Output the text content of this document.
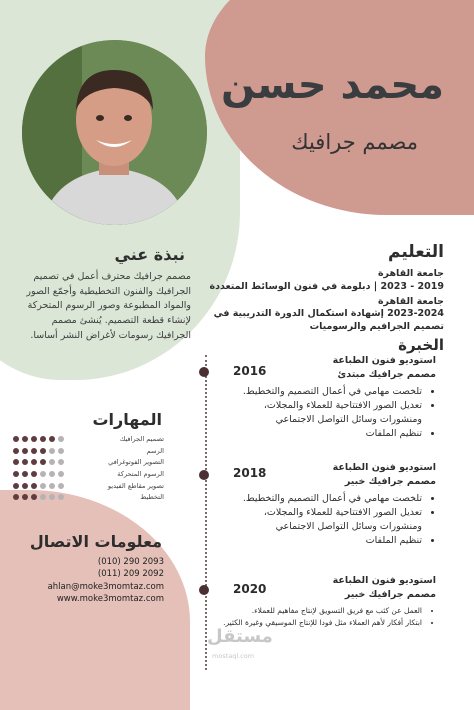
محمد حسن
مصمم جرافيك
نبذة عني
مصمم جرافيك محترف أعمل في تصميم الجرافيك والفنون التخطيطية وأجمّع الصور والمواد المطبوعة وصور الرسوم المتحركة لإنشاء قطعة التصميم. يُنشئ مصمم الجرافيك رسومات لأغراض النشر أساسا.
المهارات
تصميم الجرافيك
الرسم
التصوير الفوتوغرافي
الرسوم المتحركة
تصوير مقاطع الفيديو
التخطيط
معلومات الاتصال
(010) 290 2093
(011) 209 2092
ahlan@moke3momtaz.com
www.moke3momtaz.com
التعليم
جامعة القاهرة
2019 - 2023 | دبلومة في فنون الوسائط المتعددة
جامعة القاهرة
2023-2024 إشهادة استكمال الدورة التدريبية في تصميم الجرافيم والرسوميات
الخبرة
2016
استوديو فنون الطباعة
مصمم جرافيك مبتدئ
• تلخصت مهامي في أعمال التصميم والتخطيط.
• تعديل الصور الافتتاحية للعملاء والمجلات، ومنشورات وسائل التواصل الاجتماعي
• تنظيم الملفات
2018	استوديو فنون الطباعة
مصمم جرافيك خبير
• تلخصت مهامي في أعمال التصميم والتخطيط.
• تعديل الصور الافتتاحية للعملاء والمجلات، ومنشورات وسائل التواصل الاجتماعي
• تنظيم الملفات
2020
استوديو فنون الطباعة
مصمم جرافيك خبير
• العمل عن كثب مع فريق التسويق لإنتاج مفاهيم للعملاء.
• ابتكار أفكار لأهم العملاء مثل فودا للإنتاج الموسيقي وغيرة الكثير.
مستقل
mostaql.com
